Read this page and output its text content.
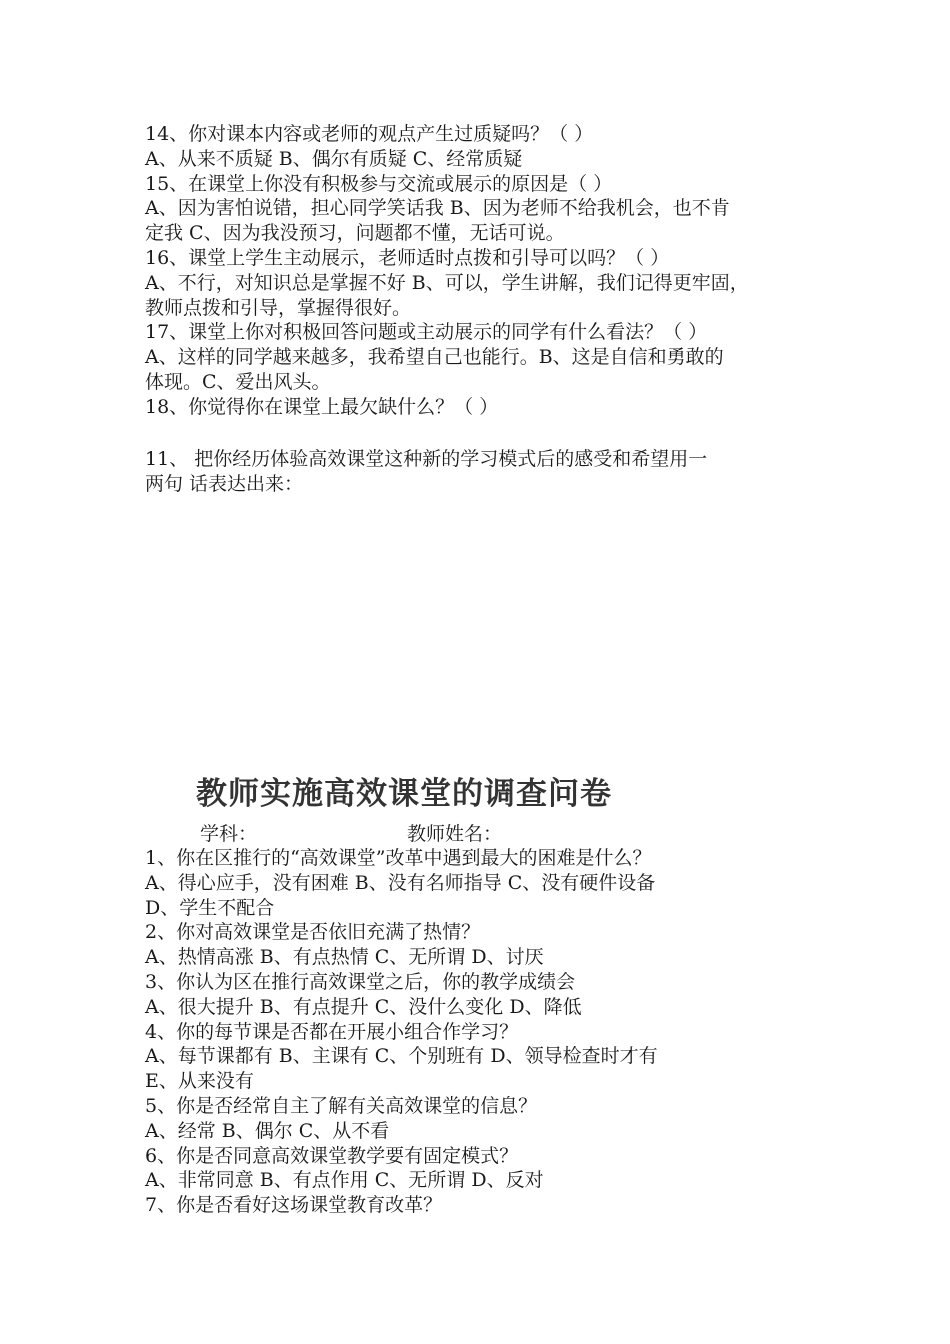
14、你对课本内容或老师的观点产生过质疑吗？（ ）
A、从来不质疑 B、偶尔有质疑 C、经常质疑
15、在课堂上你没有积极参与交流或展示的原因是（ ）
A、因为害怕说错，担心同学笑话我 B、因为老师不给我机会，也不肯
定我 C、因为我没预习，问题都不懂，无话可说。
16、课堂上学生主动展示，老师适时点拨和引导可以吗？（ ）
A、不行，对知识总是掌握不好 B、可以，学生讲解，我们记得更牢固，
教师点拨和引导，掌握得很好。
17、课堂上你对积极回答问题或主动展示的同学有什么看法？（ ）
A、这样的同学越来越多，我希望自己也能行。B、这是自信和勇敢的
体现。C、爱出风头。
18、你觉得你在课堂上最欠缺什么？（ ）
11、 把你经历体验高效课堂这种新的学习模式后的感受和希望用一
两句 话表达出来：
教师实施高效课堂的调查问卷
学科：	教师姓名：
1、你在区推行的“高效课堂”改革中遇到最大的困难是什么？
A、得心应手，没有困难 B、没有名师指导 C、没有硬件设备
D、学生不配合
2、你对高效课堂是否依旧充满了热情？
A、热情高涨 B、有点热情 C、无所谓 D、讨厌
3、你认为区在推行高效课堂之后，你的教学成绩会
A、很大提升 B、有点提升 C、没什么变化 D、降低
4、你的每节课是否都在开展小组合作学习？
A、每节课都有 B、主课有 C、个别班有 D、领导检查时才有
E、从来没有
5、你是否经常自主了解有关高效课堂的信息？
A、经常 B、偶尔 C、从不看
6、你是否同意高效课堂教学要有固定模式？
A、非常同意 B、有点作用 C、无所谓 D、反对
7、你是否看好这场课堂教育改革？
